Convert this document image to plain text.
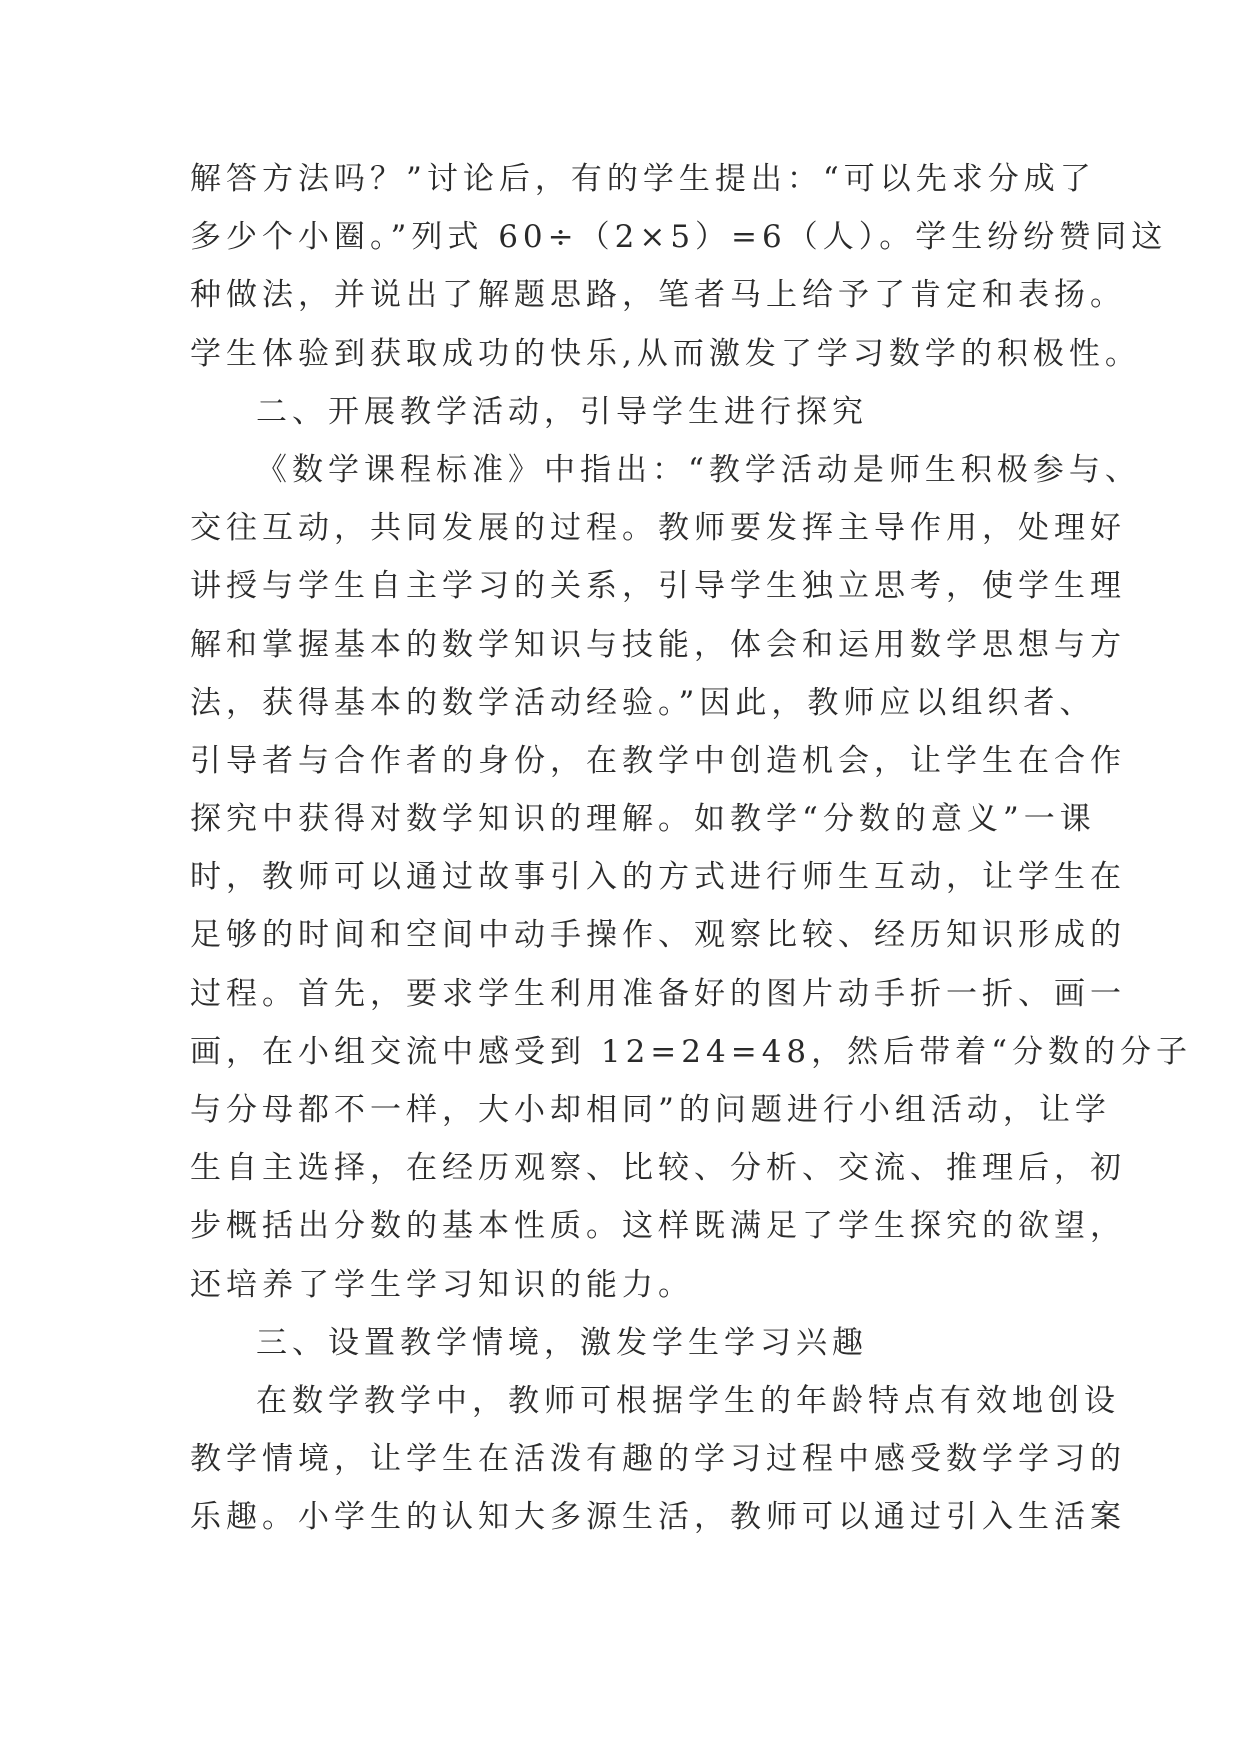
解答方法吗？”讨论后，有的学生提出：“可以先求分成了
多少个小圈。”列式 60÷（2×5）=6（人）。学生纷纷赞同这
种做法，并说出了解题思路，笔者马上给予了肯定和表扬。
学生体验到获取成功的快乐,从而激发了学习数学的积极性。
二、开展教学活动，引导学生进行探究
《数学课程标准》中指出：“教学活动是师生积极参与、
交往互动，共同发展的过程。教师要发挥主导作用，处理好
讲授与学生自主学习的关系，引导学生独立思考，使学生理
解和掌握基本的数学知识与技能，体会和运用数学思想与方
法，获得基本的数学活动经验。”因此，教师应以组织者、
引导者与合作者的身份，在教学中创造机会，让学生在合作
探究中获得对数学知识的理解。如教学“分数的意义”一课
时，教师可以通过故事引入的方式进行师生互动，让学生在
足够的时间和空间中动手操作、观察比较、经历知识形成的
过程。首先，要求学生利用准备好的图片动手折一折、画一
画，在小组交流中感受到 12=24=48，然后带着“分数的分子
与分母都不一样，大小却相同”的问题进行小组活动，让学
生自主选择，在经历观察、比较、分析、交流、推理后，初
步概括出分数的基本性质。这样既满足了学生探究的欲望，
还培养了学生学习知识的能力。
三、设置教学情境，激发学生学习兴趣
在数学教学中，教师可根据学生的年龄特点有效地创设
教学情境，让学生在活泼有趣的学习过程中感受数学学习的
乐趣。小学生的认知大多源生活，教师可以通过引入生活案
